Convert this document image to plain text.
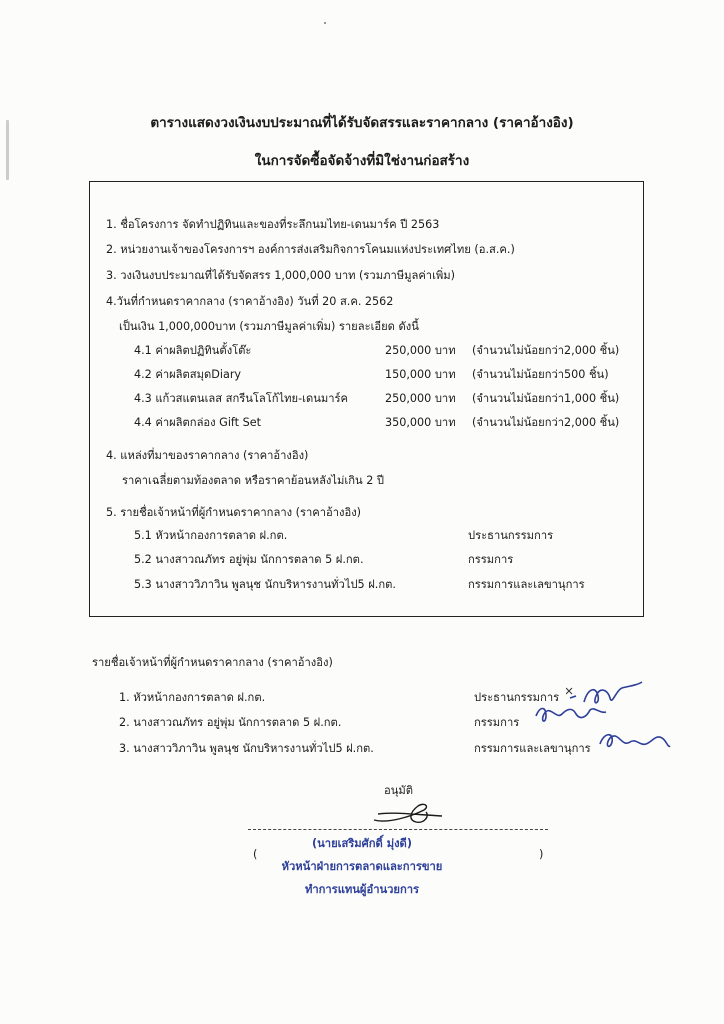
ตารางแสดงวงเงินงบประมาณที่ได้รับจัดสรรและราคากลาง (ราคาอ้างอิง)
ในการจัดซื้อจัดจ้างที่มิใช่งานก่อสร้าง
1. ชื่อโครงการ จัดทำปฏิทินและของที่ระลึกนมไทย-เดนมาร์ค ปี 2563
2. หน่วยงานเจ้าของโครงการฯ องค์การส่งเสริมกิจการโคนมแห่งประเทศไทย (อ.ส.ค.)
3. วงเงินงบประมาณที่ได้รับจัดสรร 1,000,000 บาท (รวมภาษีมูลค่าเพิ่ม)
4.วันที่กำหนดราคากลาง (ราคาอ้างอิง) วันที่ 20 ส.ค. 2562
เป็นเงิน 1,000,000บาท (รวมภาษีมูลค่าเพิ่ม) รายละเอียด ดังนี้
4.1 ค่าผลิตปฏิทินตั้งโต๊ะ	250,000 บาท (จำนวนไม่น้อยกว่า2,000 ชิ้น)
4.2 ค่าผลิตสมุดDiary	150,000 บาท (จำนวนไม่น้อยกว่า500 ชิ้น)
4.3 แก้วสแตนเลส สกรีนโลโก้ไทย-เดนมาร์ค	250,000 บาท (จำนวนไม่น้อยกว่า1,000 ชิ้น)
4.4 ค่าผลิตกล่อง Gift Set	350,000 บาท (จำนวนไม่น้อยกว่า2,000 ชิ้น)
4. แหล่งที่มาของราคากลาง (ราคาอ้างอิง)
ราคาเฉลี่ยตามท้องตลาด หรือราคาย้อนหลังไม่เกิน 2 ปี
5. รายชื่อเจ้าหน้าที่ผู้กำหนดราคากลาง (ราคาอ้างอิง)
5.1 หัวหน้ากองการตลาด ฝ.กต.	ประธานกรรมการ
5.2 นางสาวณภัทร อยู่พุ่ม นักการตลาด 5 ฝ.กต.	กรรมการ
5.3 นางสาววิภาวิน พูลนุช นักบริหารงานทั่วไป5 ฝ.กต.	กรรมการและเลขานุการ
รายชื่อเจ้าหน้าที่ผู้กำหนดราคากลาง (ราคาอ้างอิง)
1. หัวหน้ากองการตลาด ฝ.กต.	ประธานกรรมการ
2. นางสาวณภัทร อยู่พุ่ม นักการตลาด 5 ฝ.กต.	กรรมการ
3. นางสาววิภาวิน พูลนุช นักบริหารงานทั่วไป5 ฝ.กต.	กรรมการและเลขานุการ
อนุมัติ
(	)
(นายเสริมศักดิ์ มุ่งดี)
หัวหน้าฝ่ายการตลาดและการขาย
ทำการแทนผู้อำนวยการ
